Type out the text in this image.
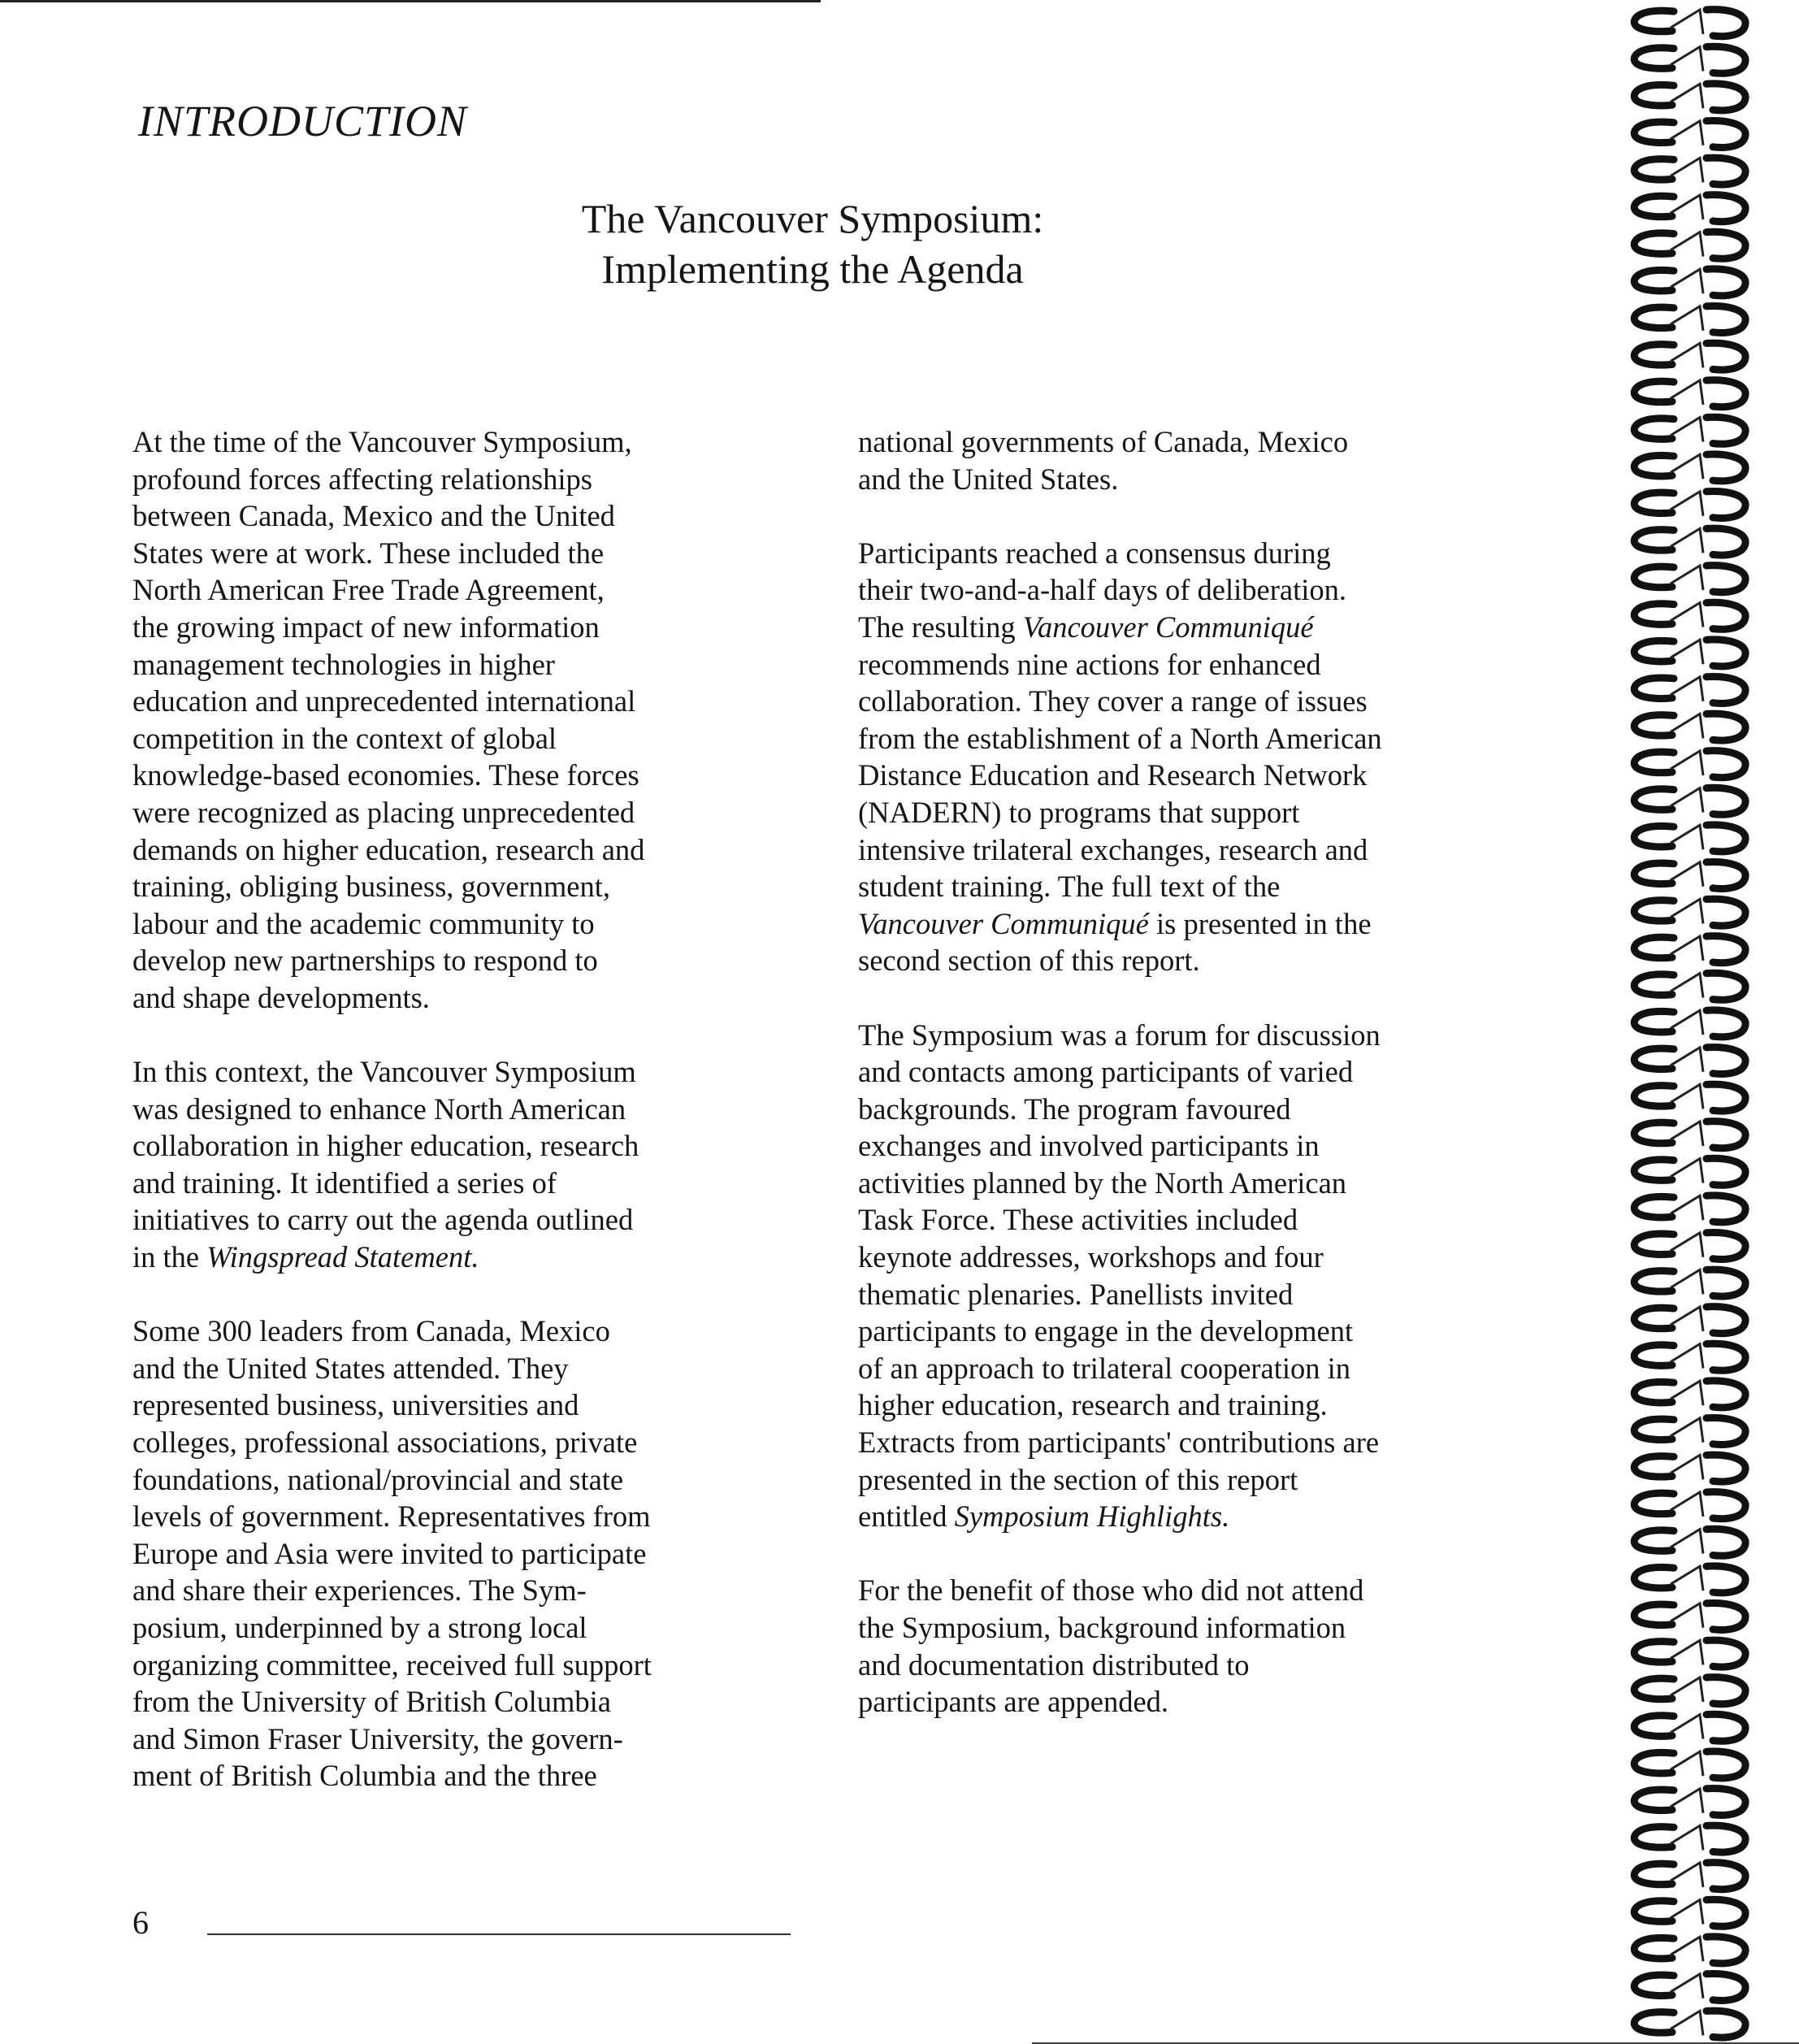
INTRODUCTION
The Vancouver Symposium:
Implementing the Agenda

At the time of the Vancouver Symposium,
profound forces affecting relationships
between Canada, Mexico and the United
States were at work. These included the
North American Free Trade Agreement,
the growing impact of new information
management technologies in higher
education and unprecedented international
competition in the context of global
knowledge-based economies. These forces
were recognized as placing unprecedented
demands on higher education, research and
training, obliging business, government,
labour and the academic community to
develop new partnerships to respond to
and shape developments.

In this context, the Vancouver Symposium
was designed to enhance North American
collaboration in higher education, research
and training. It identified a series of
initiatives to carry out the agenda outlined
in the Wingspread Statement.

Some 300 leaders from Canada, Mexico
and the United States attended. They
represented business, universities and
colleges, professional associations, private
foundations, national/provincial and state
levels of government. Representatives from
Europe and Asia were invited to participate
and share their experiences. The Sym-
posium, underpinned by a strong local
organizing committee, received full support
from the University of British Columbia
and Simon Fraser University, the govern-
ment of British Columbia and the three

national governments of Canada, Mexico
and the United States.

Participants reached a consensus during
their two-and-a-half days of deliberation.
The resulting Vancouver Communiqué
recommends nine actions for enhanced
collaboration. They cover a range of issues
from the establishment of a North American
Distance Education and Research Network
(NADERN) to programs that support
intensive trilateral exchanges, research and
student training. The full text of the
Vancouver Communiqué is presented in the
second section of this report.

The Symposium was a forum for discussion
and contacts among participants of varied
backgrounds. The program favoured
exchanges and involved participants in
activities planned by the North American
Task Force. These activities included
keynote addresses, workshops and four
thematic plenaries. Panellists invited
participants to engage in the development
of an approach to trilateral cooperation in
higher education, research and training.
Extracts from participants' contributions are
presented in the section of this report
entitled Symposium Highlights.

For the benefit of those who did not attend
the Symposium, background information
and documentation distributed to
participants are appended.

6
